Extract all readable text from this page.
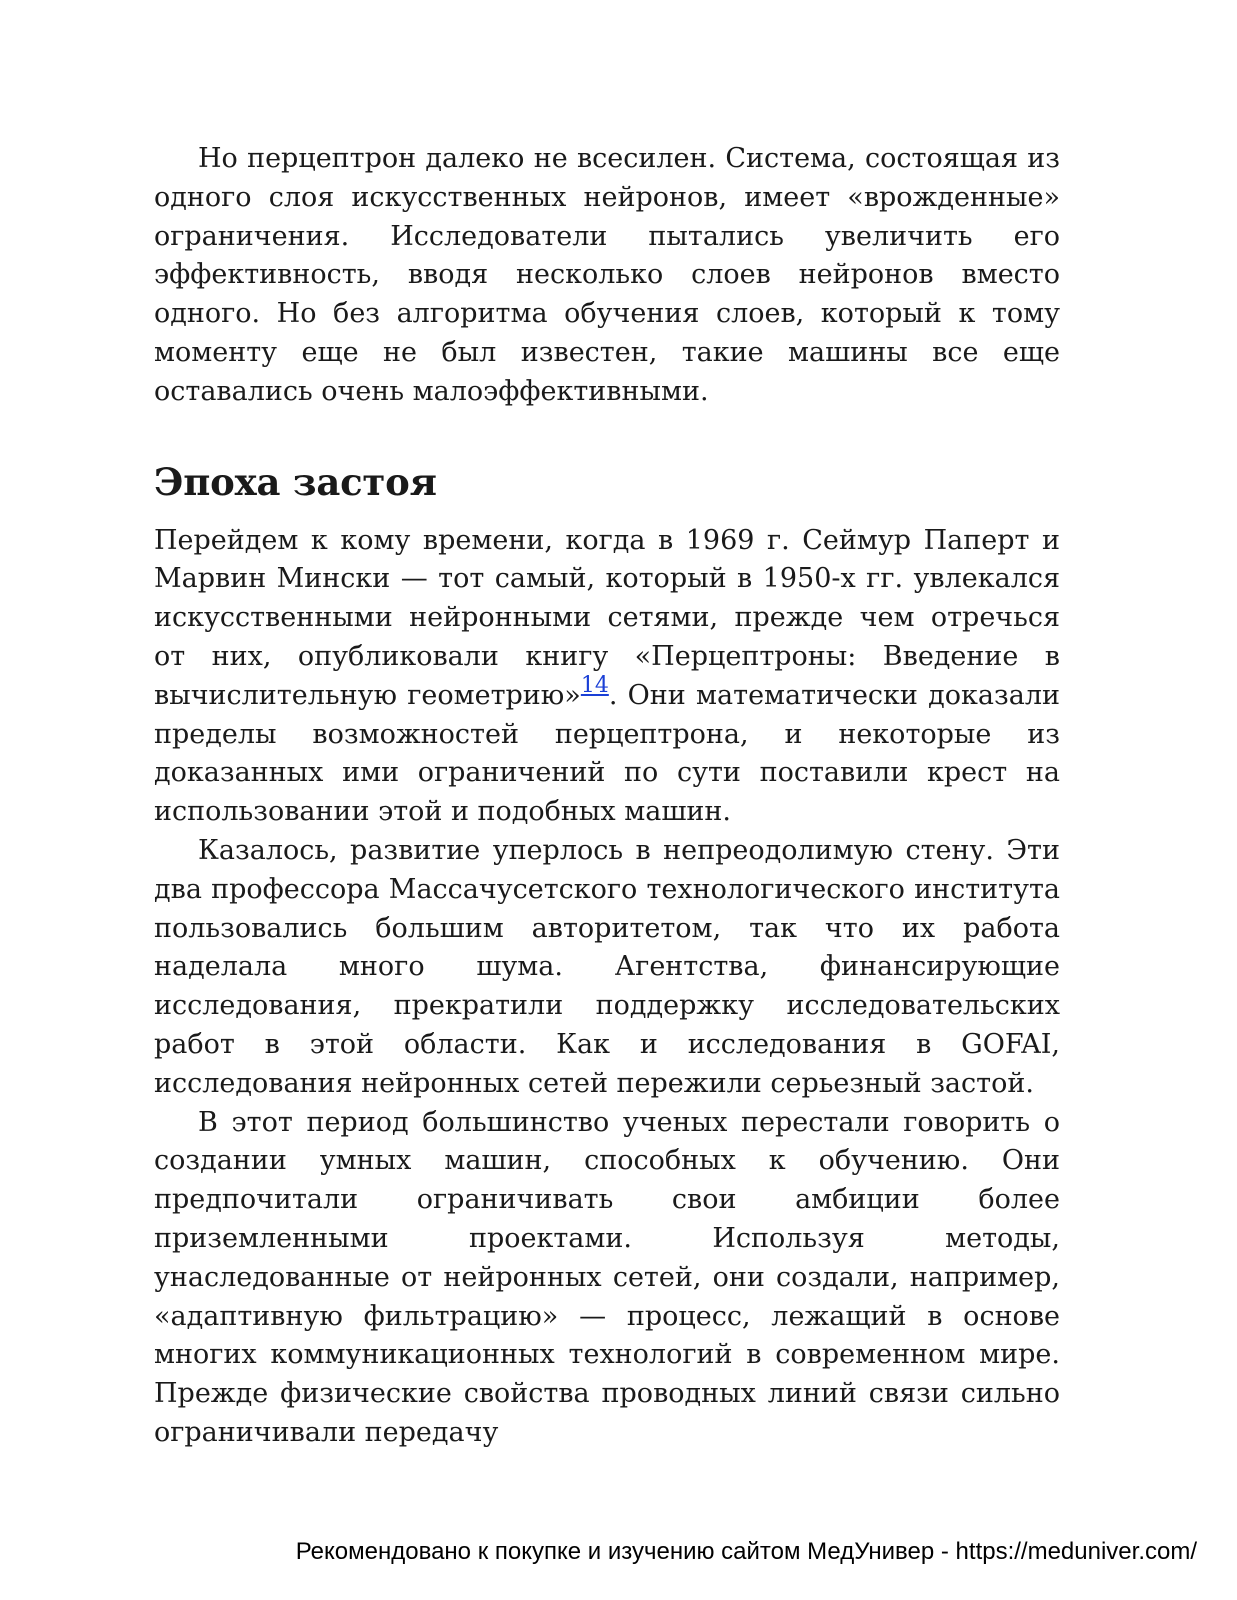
Но перцептрон далеко не всесилен. Система, состоящая из одного слоя искусственных нейронов, имеет «врожденные» ограничения. Исследователи пытались увеличить его эффективность, вводя несколько слоев нейронов вместо одного. Но без алгоритма обучения слоев, который к тому моменту еще не был известен, такие машины все еще оставались очень малоэффективными.

Эпоха застоя

Перейдем к кому времени, когда в 1969 г. Сеймур Паперт и Марвин Мински — тот самый, который в 1950-х гг. увлекался искусственными нейронными сетями, прежде чем отречься от них, опубликовали книгу «Перцептроны: Введение в вычислительную геометрию»$^{14}$. Они математически доказали пределы возможностей перцептрона, и некоторые из доказанных ими ограничений по сути поставили крест на использовании этой и подобных машин.

Казалось, развитие уперлось в непреодолимую стену. Эти два профессора Массачусетского технологического института пользовались большим авторитетом, так что их работа наделала много шума. Агентства, финансирующие исследования, прекратили поддержку исследовательских работ в этой области. Как и исследования в GOFAI, исследования нейронных сетей пережили серьезный застой.

В этот период большинство ученых перестали говорить о создании умных машин, способных к обучению. Они предпочитали ограничивать свои амбиции более приземленными проектами. Используя методы, унаследованные от нейронных сетей, они создали, например, «адаптивную фильтрацию» — процесс, лежащий в основе многих коммуникационных технологий в современном мире. Прежде физические свойства проводных линий связи сильно ограничивали передачу

Рекомендовано к покупке и изучению сайтом МедУнивер - https://meduniver.com/
